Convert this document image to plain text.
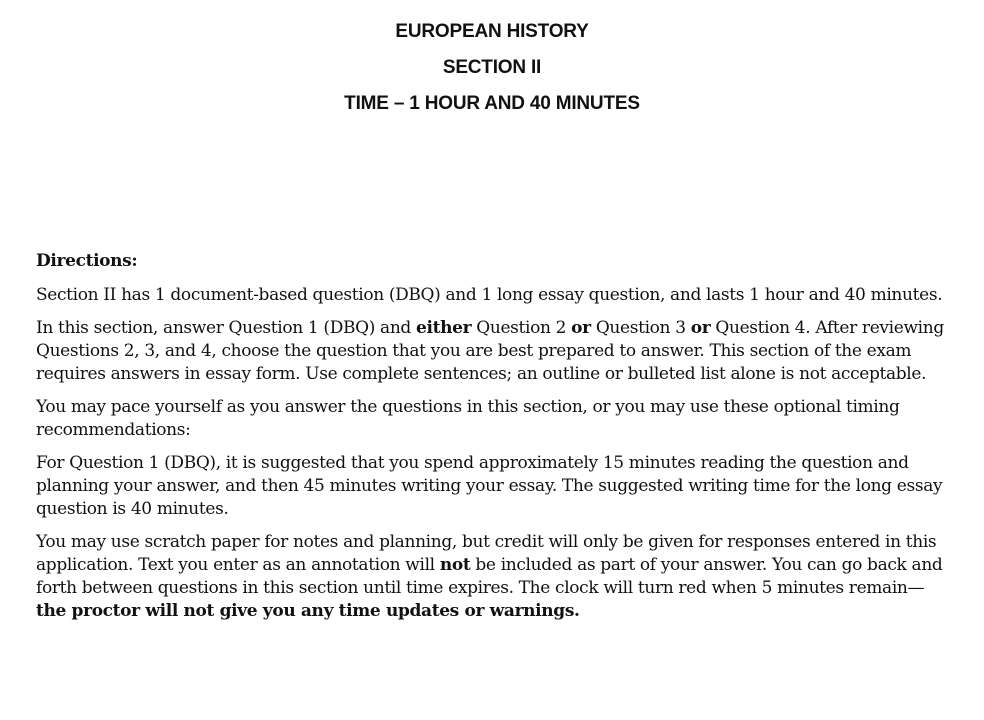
EUROPEAN HISTORY
SECTION II
TIME – 1 HOUR AND 40 MINUTES
Directions:
Section II has 1 document-based question (DBQ) and 1 long essay question, and lasts 1 hour and 40 minutes.
In this section, answer Question 1 (DBQ) and either Question 2 or Question 3 or Question 4. After reviewing Questions 2, 3, and 4, choose the question that you are best prepared to answer. This section of the exam requires answers in essay form. Use complete sentences; an outline or bulleted list alone is not acceptable.
You may pace yourself as you answer the questions in this section, or you may use these optional timing recommendations:
For Question 1 (DBQ), it is suggested that you spend approximately 15 minutes reading the question and planning your answer, and then 45 minutes writing your essay. The suggested writing time for the long essay question is 40 minutes.
You may use scratch paper for notes and planning, but credit will only be given for responses entered in this application. Text you enter as an annotation will not be included as part of your answer. You can go back and forth between questions in this section until time expires. The clock will turn red when 5 minutes remain—the proctor will not give you any time updates or warnings.
